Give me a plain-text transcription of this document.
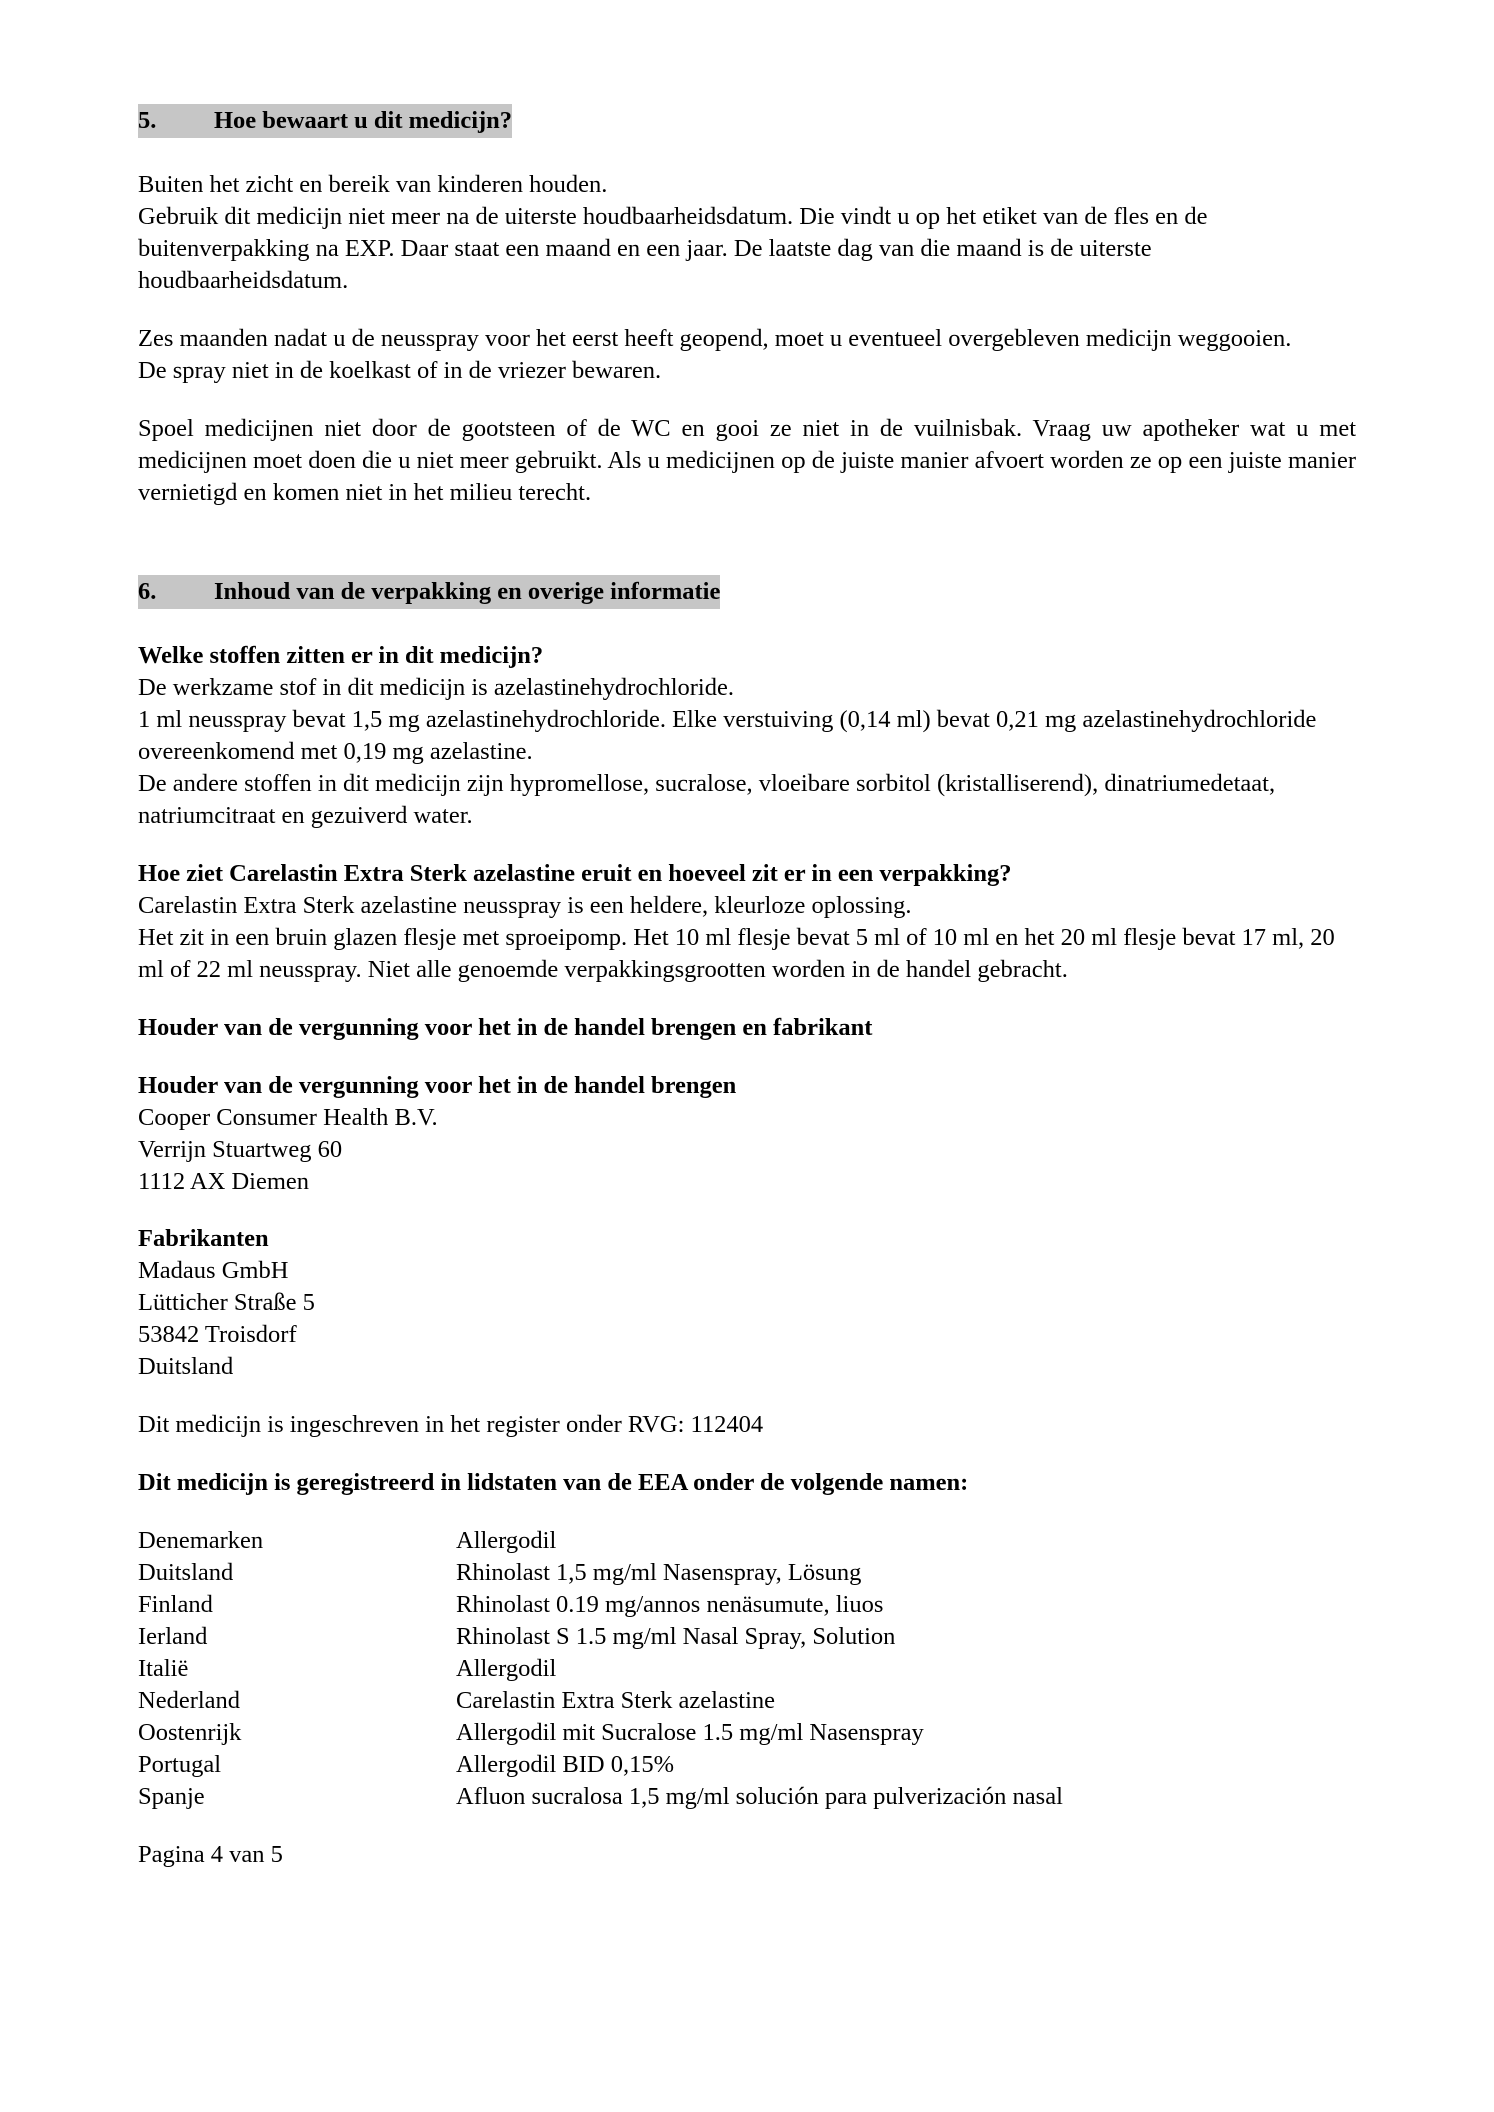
5. Hoe bewaart u dit medicijn?

Buiten het zicht en bereik van kinderen houden.
Gebruik dit medicijn niet meer na de uiterste houdbaarheidsdatum. Die vindt u op het etiket van de fles en de buitenverpakking na EXP. Daar staat een maand en een jaar. De laatste dag van die maand is de uiterste houdbaarheidsdatum.

Zes maanden nadat u de neusspray voor het eerst heeft geopend, moet u eventueel overgebleven medicijn weggooien.
De spray niet in de koelkast of in de vriezer bewaren.

Spoel medicijnen niet door de gootsteen of de WC en gooi ze niet in de vuilnisbak. Vraag uw apotheker wat u met medicijnen moet doen die u niet meer gebruikt. Als u medicijnen op de juiste manier afvoert worden ze op een juiste manier vernietigd en komen niet in het milieu terecht.

6. Inhoud van de verpakking en overige informatie
Welke stoffen zitten er in dit medicijn?

De werkzame stof in dit medicijn is azelastinehydrochloride.
1 ml neusspray bevat 1,5 mg azelastinehydrochloride. Elke verstuiving (0,14 ml) bevat 0,21 mg azelastinehydrochloride overeenkomend met 0,19 mg azelastine.
De andere stoffen in dit medicijn zijn hypromellose, sucralose, vloeibare sorbitol (kristalliserend), dinatriumedetaat, natriumcitraat en gezuiverd water.

Hoe ziet Carelastin Extra Sterk azelastine eruit en hoeveel zit er in een verpakking?

Carelastin Extra Sterk azelastine neusspray is een heldere, kleurloze oplossing.
Het zit in een bruin glazen flesje met sproeipomp. Het 10 ml flesje bevat 5 ml of 10 ml en het 20 ml flesje bevat 17 ml, 20 ml of 22 ml neusspray. Niet alle genoemde verpakkingsgrootten worden in de handel gebracht.

Houder van de vergunning voor het in de handel brengen en fabrikant
Houder van de vergunning voor het in de handel brengen

Cooper Consumer Health B.V.

Verrijn Stuartweg 60

1112 AX Diemen

Fabrikanten

Madaus GmbH

Lütticher Straße 5

53842 Troisdorf

Duitsland

Dit medicijn is ingeschreven in het register onder RVG: 112404

Dit medicijn is geregistreerd in lidstaten van de EEA onder de volgende namen:
Denemarken	Allergodil
Duitsland	Rhinolast 1,5 mg/ml Nasenspray, Lösung
Finland	Rhinolast 0.19 mg/annos nenäsumute, liuos
Ierland	Rhinolast S 1.5 mg/ml Nasal Spray, Solution
Italië	Allergodil
Nederland	Carelastin Extra Sterk azelastine
Oostenrijk	Allergodil mit Sucralose 1.5 mg/ml Nasenspray
Portugal	Allergodil BID 0,15%
Spanje	Afluon sucralosa 1,5 mg/ml solución para pulverización nasal

Pagina 4 van 5
